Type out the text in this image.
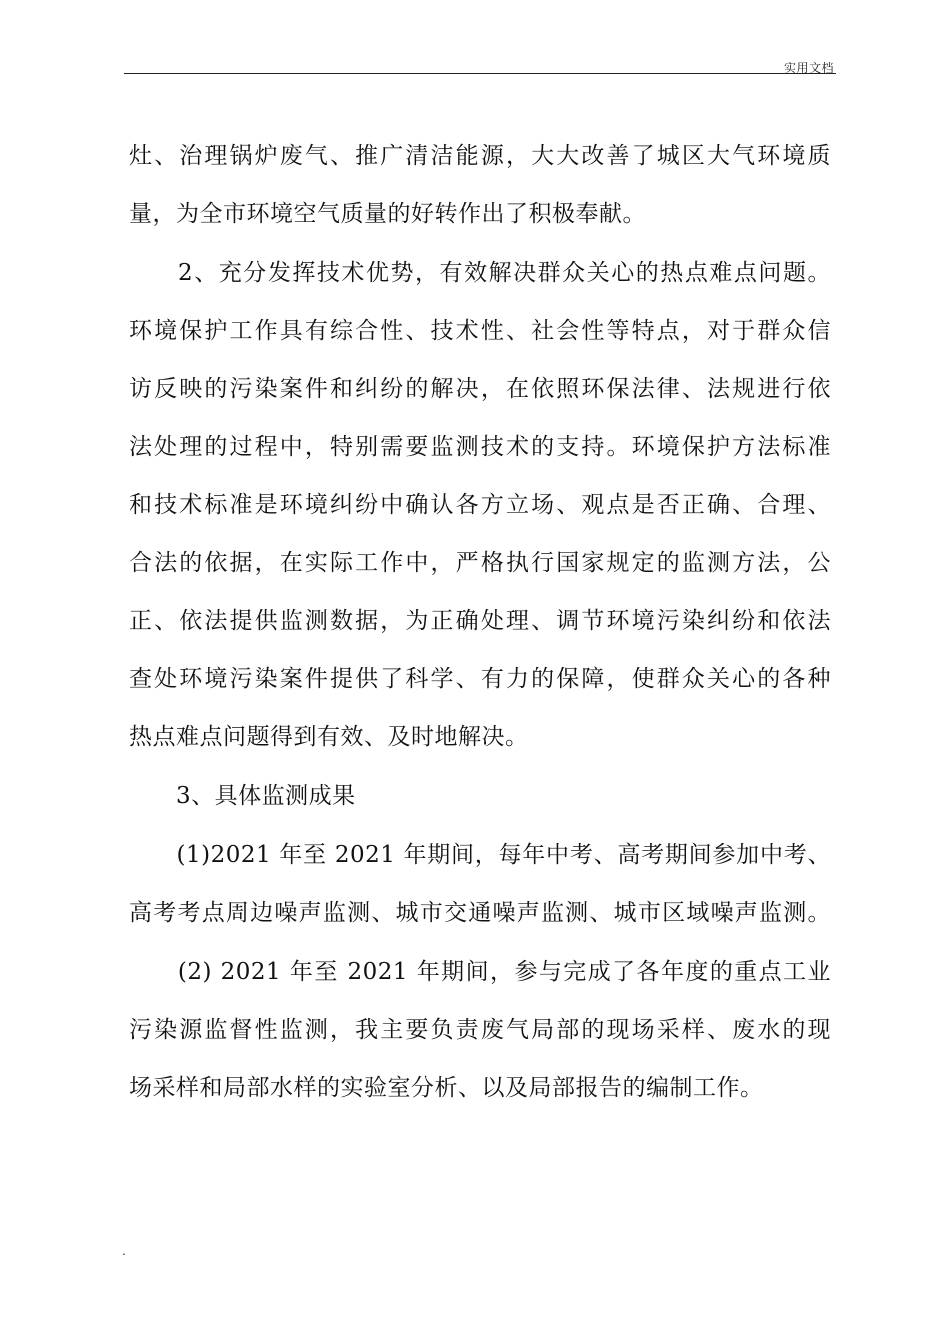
实用文档
灶、治理锅炉废气、推广清洁能源，大大改善了城区大气环境质
量，为全市环境空气质量的好转作出了积极奉献。
　　2、充分发挥技术优势，有效解决群众关心的热点难点问题。
环境保护工作具有综合性、技术性、社会性等特点，对于群众信
访反映的污染案件和纠纷的解决，在依照环保法律、法规进行依
法处理的过程中，特别需要监测技术的支持。环境保护方法标准
和技术标准是环境纠纷中确认各方立场、观点是否正确、合理、
合法的依据，在实际工作中，严格执行国家规定的监测方法，公
正、依法提供监测数据，为正确处理、调节环境污染纠纷和依法
查处环境污染案件提供了科学、有力的保障，使群众关心的各种
热点难点问题得到有效、及时地解决。
　　3、具体监测成果
　　(1)2021 年至 2021 年期间，每年中考、高考期间参加中考、
高考考点周边噪声监测、城市交通噪声监测、城市区域噪声监测。
　　(2) 2021 年至 2021 年期间，参与完成了各年度的重点工业
污染源监督性监测，我主要负责废气局部的现场采样、废水的现
场采样和局部水样的实验室分析、以及局部报告的编制工作。
.
